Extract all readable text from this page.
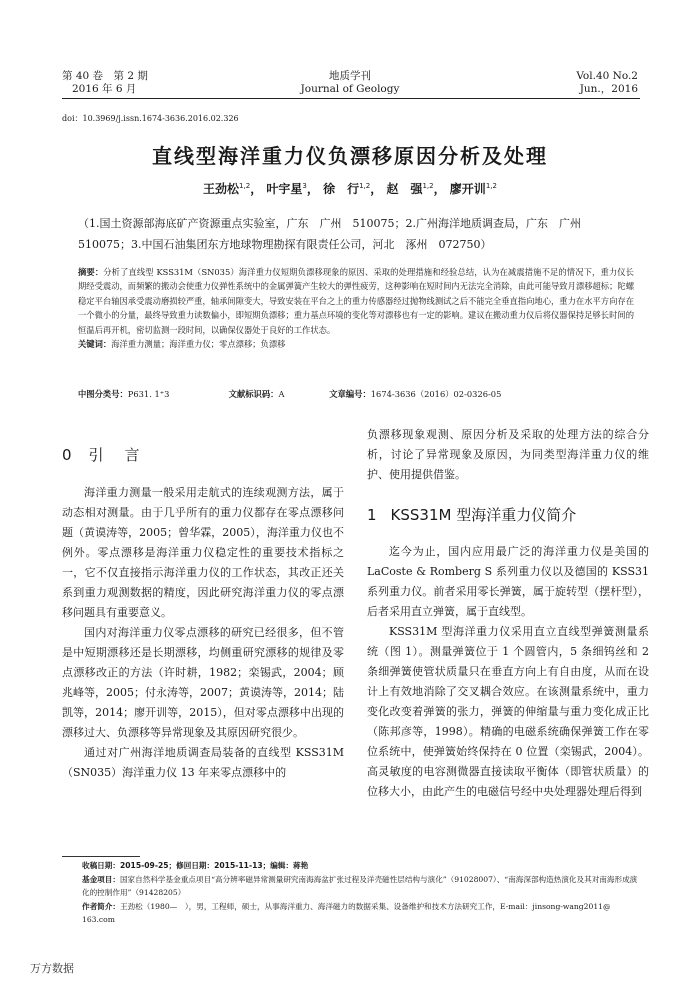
第 40 卷　第 2 期
2016 年 6 月
地质学刊
Journal of Geology
Vol.40 No.2
Jun.，2016
doi：10.3969/j.issn.1674-3636.2016.02.326
直线型海洋重力仪负漂移原因分析及处理
王劲松$^{1,2}$， 叶宇星$^3$， 徐　行$^{1,2}$， 赵　强$^{1,2}$， 廖开训$^{1,2}$
（1.国土资源部海底矿产资源重点实验室，广东　广州　510075；2.广州海洋地质调查局，广东　广州　510075；3.中国石油集团东方地球物理勘探有限责任公司，河北　涿州　072750）
摘要：分析了直线型 KSS31M（SN035）海洋重力仪短期负漂移现象的原因、采取的处理措施和经验总结，认为在减震措施不足的情况下，重力仪长期经受震动，而频繁的搬动会使重力仪弹性系统中的金属弹簧产生较大的弹性疲劳，这种影响在短时间内无法完全消除，由此可能导致月漂移超标；陀螺稳定平台轴因承受震动磨损较严重，轴承间隙变大，导致安装在平台之上的重力传感器经过抛物线测试之后不能完全垂直指向地心，重力在水平方向存在一个微小的分量，最终导致重力读数偏小，即短期负漂移；重力基点环境的变化等对漂移也有一定的影响。建议在搬动重力仪后将仪器保持足够长时间的恒温后再开机，密切监测一段时间，以确保仪器处于良好的工作状态。
关键词：海洋重力测量；海洋重力仪；零点漂移；负漂移
中图分类号：P631. 1⁺3	文献标识码：A	文章编号：1674-3636（2016）02-0326-05
0 引　言

海洋重力测量一般采用走航式的连续观测方法，属于动态相对测量。由于几乎所有的重力仪都存在零点漂移问题（黄谟涛等，2005；曾华霖，2005），海洋重力仪也不例外。零点漂移是海洋重力仪稳定性的重要技术指标之一，它不仅直接指示海洋重力仪的工作状态，其改正还关系到重力观测数据的精度，因此研究海洋重力仪的零点漂移问题具有重要意义。

国内对海洋重力仪零点漂移的研究已经很多，但不管是中短期漂移还是长期漂移，均侧重研究漂移的规律及零点漂移改正的方法（许时耕，1982；栾锡武，2004；顾兆峰等，2005；付永涛等，2007；黄谟涛等，2014；陆凯等，2014；廖开训等，2015），但对零点漂移中出现的漂移过大、负漂移等异常现象及其原因研究很少。

通过对广州海洋地质调查局装备的直线型 KSS31M（SN035）海洋重力仪 13 年来零点漂移中的

负漂移现象观测、原因分析及采取的处理方法的综合分析，讨论了异常现象及原因，为同类型海洋重力仪的维护、使用提供借鉴。

1 KSS31M 型海洋重力仪简介

迄今为止，国内应用最广泛的海洋重力仪是美国的 LaCoste & Romberg S 系列重力仪以及德国的 KSS31 系列重力仪。前者采用零长弹簧，属于旋转型（摆杆型），后者采用直立弹簧，属于直线型。

KSS31M 型海洋重力仪采用直立直线型弹簧测量系统（图 1）。测量弹簧位于 1 个圆管内，5 条细钨丝和 2 条细弹簧使管状质量只在垂直方向上有自由度，从而在设计上有效地消除了交叉耦合效应。在该测量系统中，重力变化改变着弹簧的张力，弹簧的伸缩量与重力变化成正比（陈邦彦等，1998）。精确的电磁系统确保弹簧工作在零位系统中，使弹簧始终保持在 0 位置（栾锡武，2004）。高灵敏度的电容测微器直接读取平衡体（即管状质量）的位移大小，由此产生的电磁信号经中央处理器处理后得到

收稿日期：2015-09-25；修回日期：2015-11-13；编辑：蒋艳
基金项目：国家自然科学基金重点项目“高分辨率磁异常测量研究南海海盆扩张过程及洋壳磁性层结构与演化”（91028007）、“南海深部构造热演化及其对南海形成演化的控制作用”（91428205）
作者简介：王劲松（1980—　），男，工程师，硕士，从事海洋重力、海洋磁力的数据采集、设备维护和技术方法研究工作，E-mail：jinsong-wang2011@ 163.com
万方数据
